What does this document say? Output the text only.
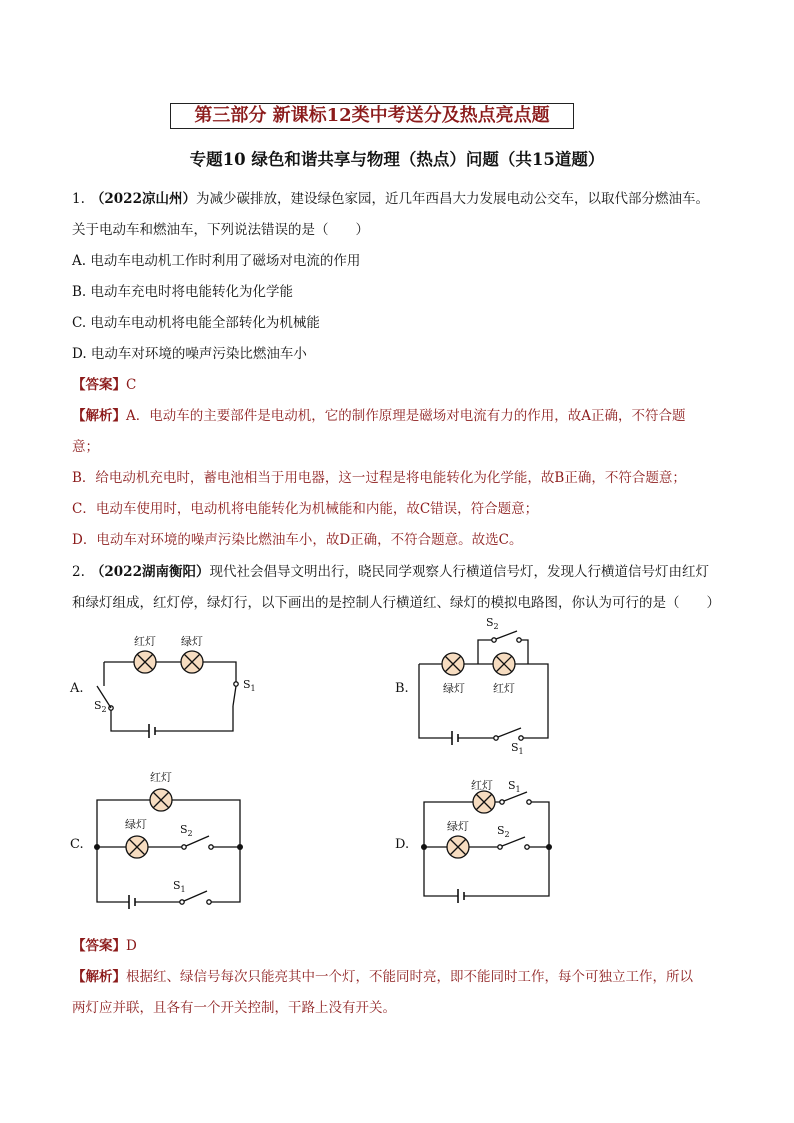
第三部分 新课标12类中考送分及热点亮点题
专题10 绿色和谐共享与物理（热点）问题（共15道题）
1. （2022凉山州）为减少碳排放，建设绿色家园，近几年西昌大力发展电动公交车，以取代部分燃油车。
关于电动车和燃油车，下列说法错误的是（　　）
A. 电动车电动机工作时利用了磁场对电流的作用
B. 电动车充电时将电能转化为化学能
C. 电动车电动机将电能全部转化为机械能
D. 电动车对环境的噪声污染比燃油车小
【答案】C
【解析】A．电动车的主要部件是电动机，它的制作原理是磁场对电流有力的作用，故A正确，不符合题
意；
B．给电动机充电时，蓄电池相当于用电器，这一过程是将电能转化为化学能，故B正确，不符合题意；
C．电动车使用时，电动机将电能转化为机械能和内能，故C错误，符合题意；
D．电动车对环境的噪声污染比燃油车小，故D正确，不符合题意。故选C。
2. （2022湖南衡阳）现代社会倡导文明出行，晓民同学观察人行横道信号灯，发现人行横道信号灯由红灯
和绿灯组成，红灯停，绿灯行，以下画出的是控制人行横道红、绿灯的模拟电路图，你认为可行的是（　　）
A.	B.
C.	D.
红灯 绿灯
$S_2$
$S_1$	绿灯	红灯
$S_2$
$S_1$
红灯
绿灯	$S_2$
$S_1$
红灯
绿灯
$S_1$
$S_2$
【答案】D
【解析】根据红、绿信号每次只能亮其中一个灯，不能同时亮，即不能同时工作，每个可独立工作，所以
两灯应并联，且各有一个开关控制，干路上没有开关。
